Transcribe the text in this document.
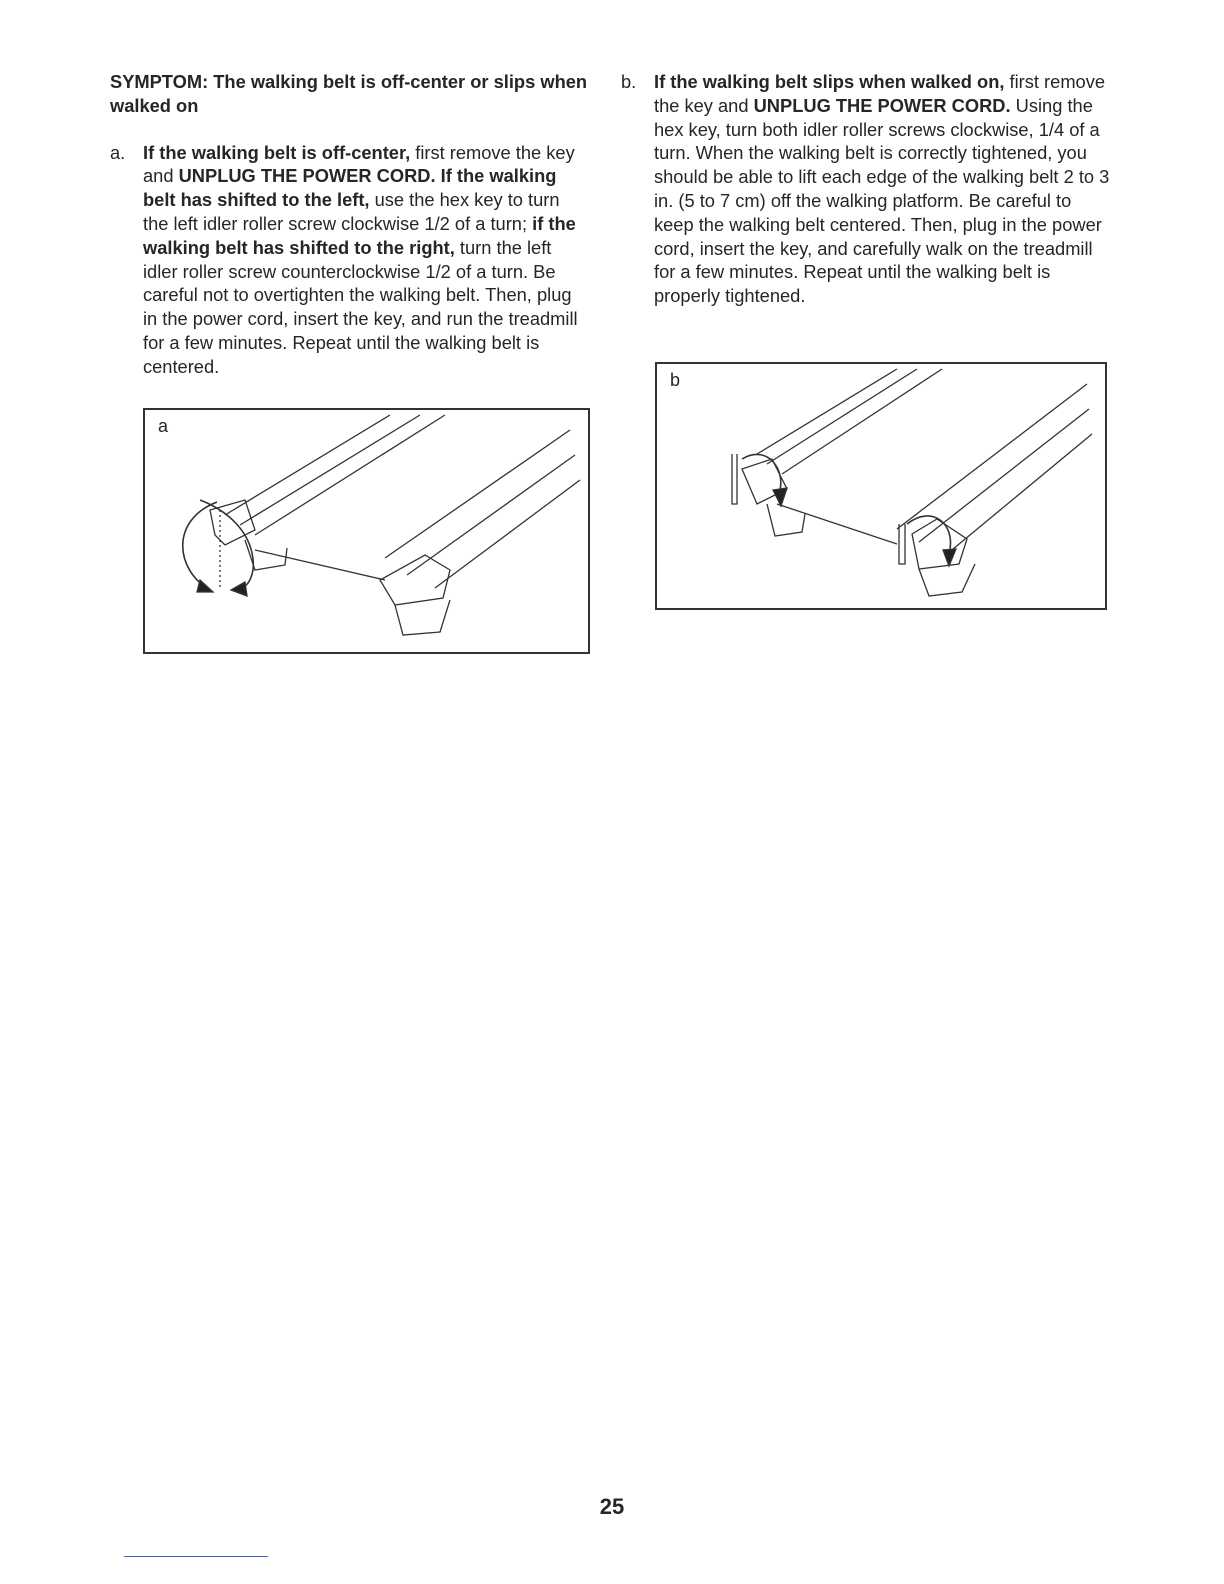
SYMPTOM: The walking belt is off-center or slips when walked on
a. If the walking belt is off-center, first remove the key and UNPLUG THE POWER CORD. If the walking belt has shifted to the left, use the hex key to turn the left idler roller screw clockwise 1/2 of a turn; if the walking belt has shifted to the right, turn the left idler roller screw counterclockwise 1/2 of a turn. Be careful not to overtighten the walking belt. Then, plug in the power cord, insert the key, and run the treadmill for a few minutes. Repeat until the walking belt is centered.
a
b. If the walking belt slips when walked on, first remove the key and UNPLUG THE POWER CORD. Using the hex key, turn both idler roller screws clockwise, 1/4 of a turn. When the walking belt is correctly tightened, you should be able to lift each edge of the walking belt 2 to 3 in. (5 to 7 cm) off the walking platform. Be careful to keep the walking belt centered. Then, plug in the power cord, insert the key, and carefully walk on the treadmill for a few minutes. Repeat until the walking belt is properly tightened.
b
25
